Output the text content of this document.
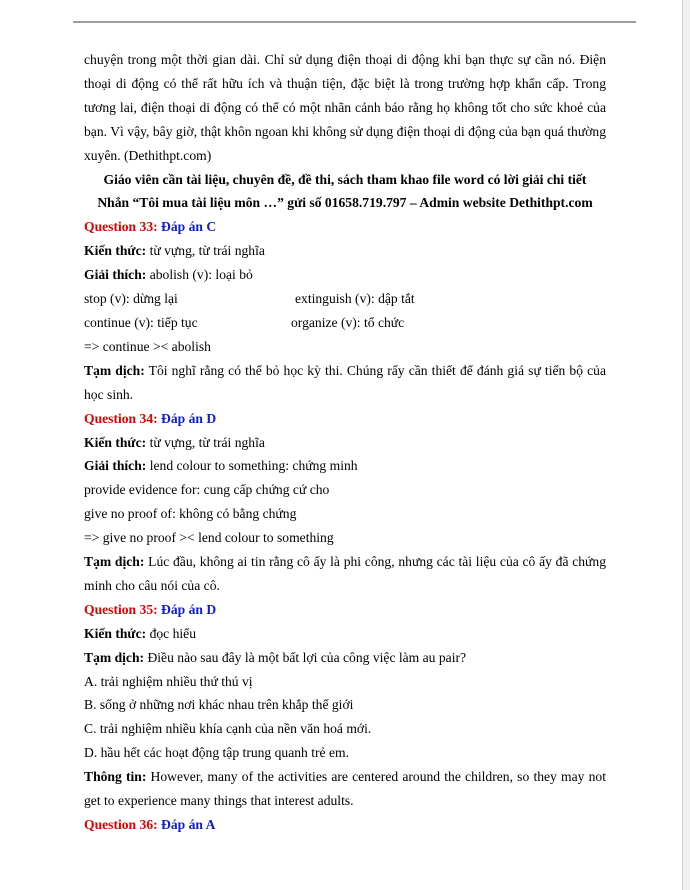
chuyện trong một thời gian dài. Chỉ sử dụng điện thoại di động khi bạn thực sự cần nó. Điện thoại di động có thể rất hữu ích và thuận tiện, đặc biệt là trong trường hợp khẩn cấp. Trong tương lai, điện thoại di động có thể có một nhãn cảnh báo rằng họ không tốt cho sức khoẻ của bạn. Vì vậy, bây giờ, thật khôn ngoan khi không sử dụng điện thoại di động của bạn quá thường xuyên. (Dethithpt.com)
Giáo viên cần tài liệu, chuyên đề, đề thi, sách tham khao file word có lời giải chi tiết
Nhắn “Tôi mua tài liệu môn …” gửi số 01658.719.797 – Admin website Dethithpt.com
Question 33: Đáp án C
Kiến thức: từ vựng, từ trái nghĩa
Giải thích: abolish (v): loại bỏ
stop (v): dừng lại	extinguish (v): dập tắt
continue (v): tiếp tục	organize (v): tổ chức
=> continue >< abolish
Tạm dịch: Tôi nghĩ rằng có thể bỏ học kỳ thi. Chúng rấy cần thiết để đánh giá sự tiến bộ của học sinh.
Question 34: Đáp án D
Kiến thức: từ vựng, từ trái nghĩa
Giải thích: lend colour to something: chứng minh
provide evidence for: cung cấp chứng cứ cho
give no proof of: không có bằng chứng
=> give no proof >< lend colour to something
Tạm dịch: Lúc đầu, không ai tin rằng cô ấy là phi công, nhưng các tài liệu của cô ấy đã chứng minh cho câu nói của cô.
Question 35: Đáp án D
Kiến thức: đọc hiểu
Tạm dịch: Điều nào sau đây là một bất lợi của công việc làm au pair?
A. trải nghiệm nhiều thứ thú vị
B. sống ở những nơi khác nhau trên khắp thế giới
C. trải nghiệm nhiều khía cạnh của nền văn hoá mới.
D. hầu hết các hoạt động tập trung quanh trẻ em.
Thông tin: However, many of the activities are centered around the children, so they may not get to experience many things that interest adults.
Question 36: Đáp án A
